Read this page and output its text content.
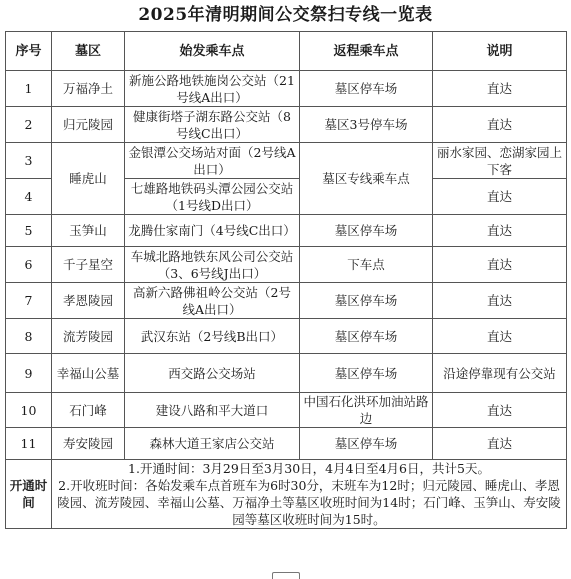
2025年清明期间公交祭扫专线一览表
序号	墓区	始发乘车点	返程乘车点	说明
1	万福净土	新施公路地铁施岗公交站（21号线A出口）	墓区停车场	直达
2	归元陵园	健康街塔子湖东路公交站（8号线C出口）	墓区3号停车场	直达
3	睡虎山	金银潭公交场站对面（2号线A出口）	墓区专线乘车点	丽水家园、恋湖家园上下客
4		七雄路地铁码头潭公园公交站（1号线D出口）		直达
5	玉笋山	龙腾仕家南门（4号线C出口）	墓区停车场	直达
6	千子星空	车城北路地铁东风公司公交站（3、6号线J出口）	下车点	直达
7	孝恩陵园	高新六路佛祖岭公交站（2号线A出口）	墓区停车场	直达
8	流芳陵园	武汉东站（2号线B出口）	墓区停车场	直达
9	幸福山公墓	西交路公交场站	墓区停车场	沿途停靠现有公交站
10	石门峰	建设八路和平大道口	中国石化洪环加油站路边	直达
11	寿安陵园	森林大道王家店公交站	墓区停车场	直达
开通时间	1.开通时间：3月29日至3月30日，4月4日至4月6日，共计5天。
2.开收班时间：各始发乘车点首班车为6时30分，末班车为12时；归元陵园、睡虎山、孝恩陵园、流芳陵园、幸福山公墓、万福净土等墓区收班时间为14时；石门峰、玉笋山、寿安陵园等墓区收班时间为15时。			
